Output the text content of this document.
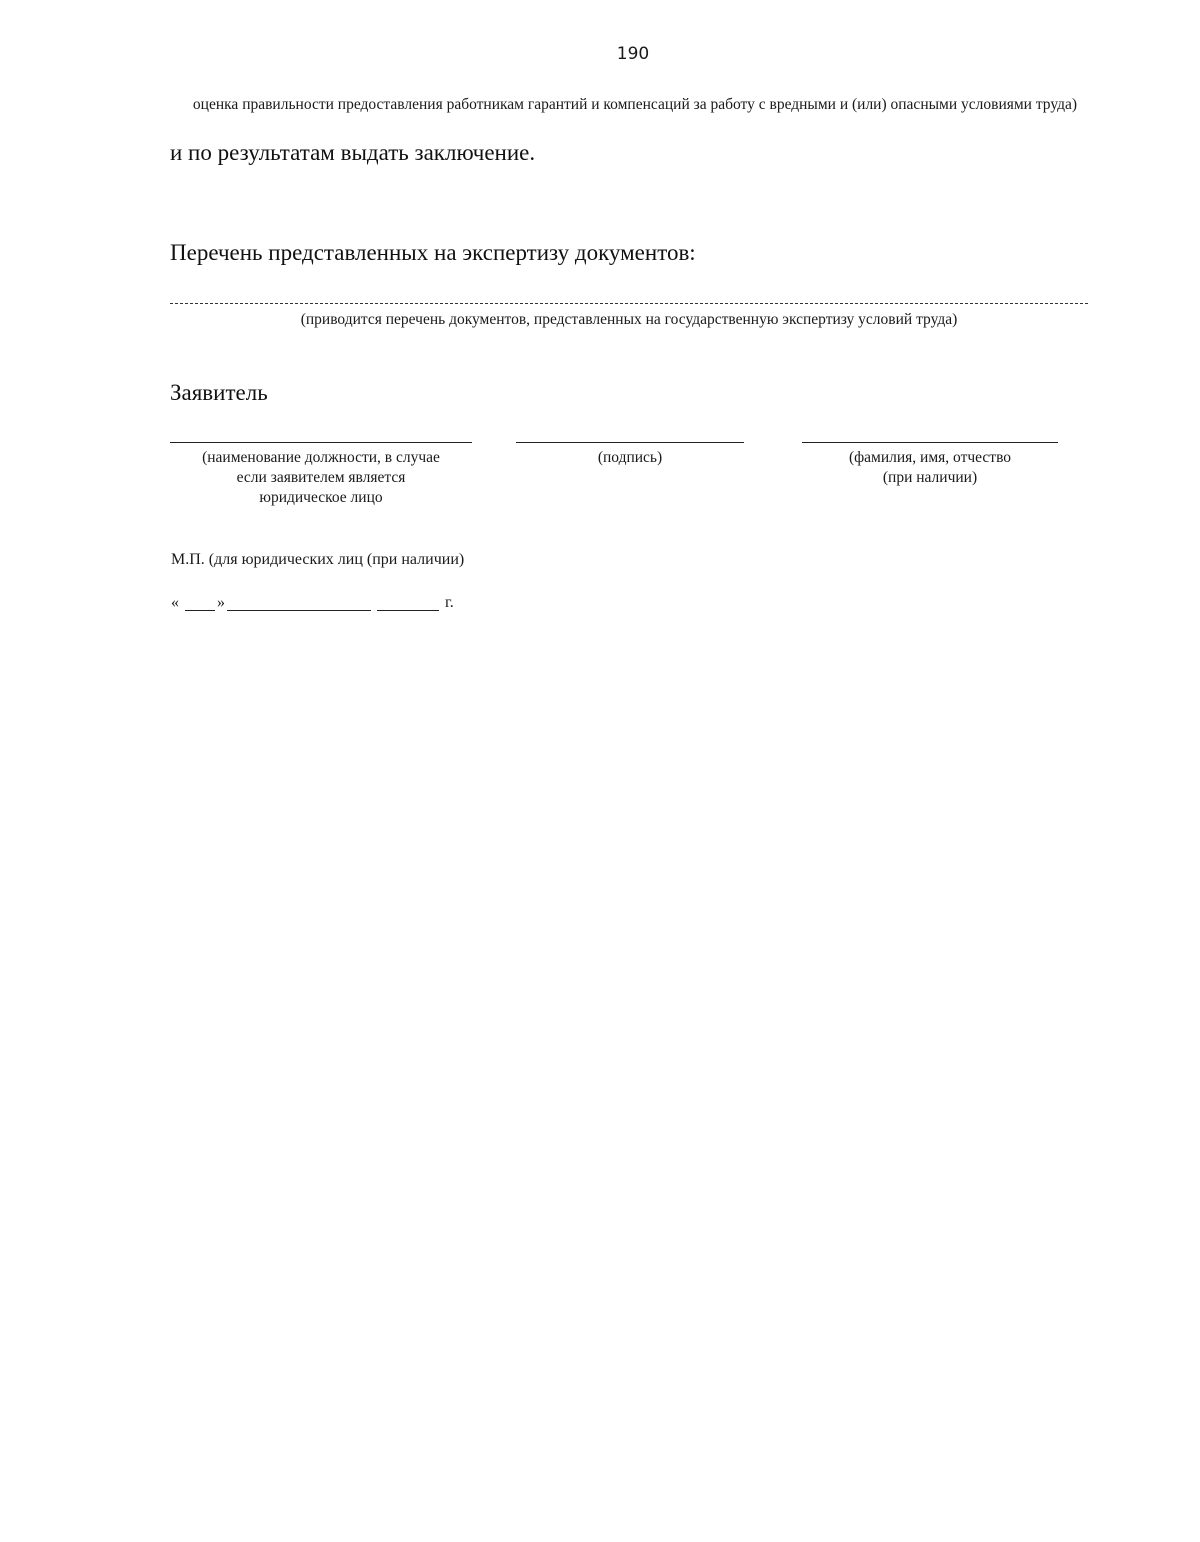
190
оценка правильности предоставления работникам гарантий и компенсаций за работу с вредными и (или) опасными условиями труда)
и по результатам выдать заключение.
Перечень представленных на экспертизу документов:
(приводится перечень документов, представленных на государственную экспертизу условий труда)
Заявитель
(наименование должности, в случае
если заявителем является
юридическое лицо
(подпись)	(фамилия, имя, отчество
(при наличии)
М.П. (для юридических лиц (при наличии)
« »	г.
